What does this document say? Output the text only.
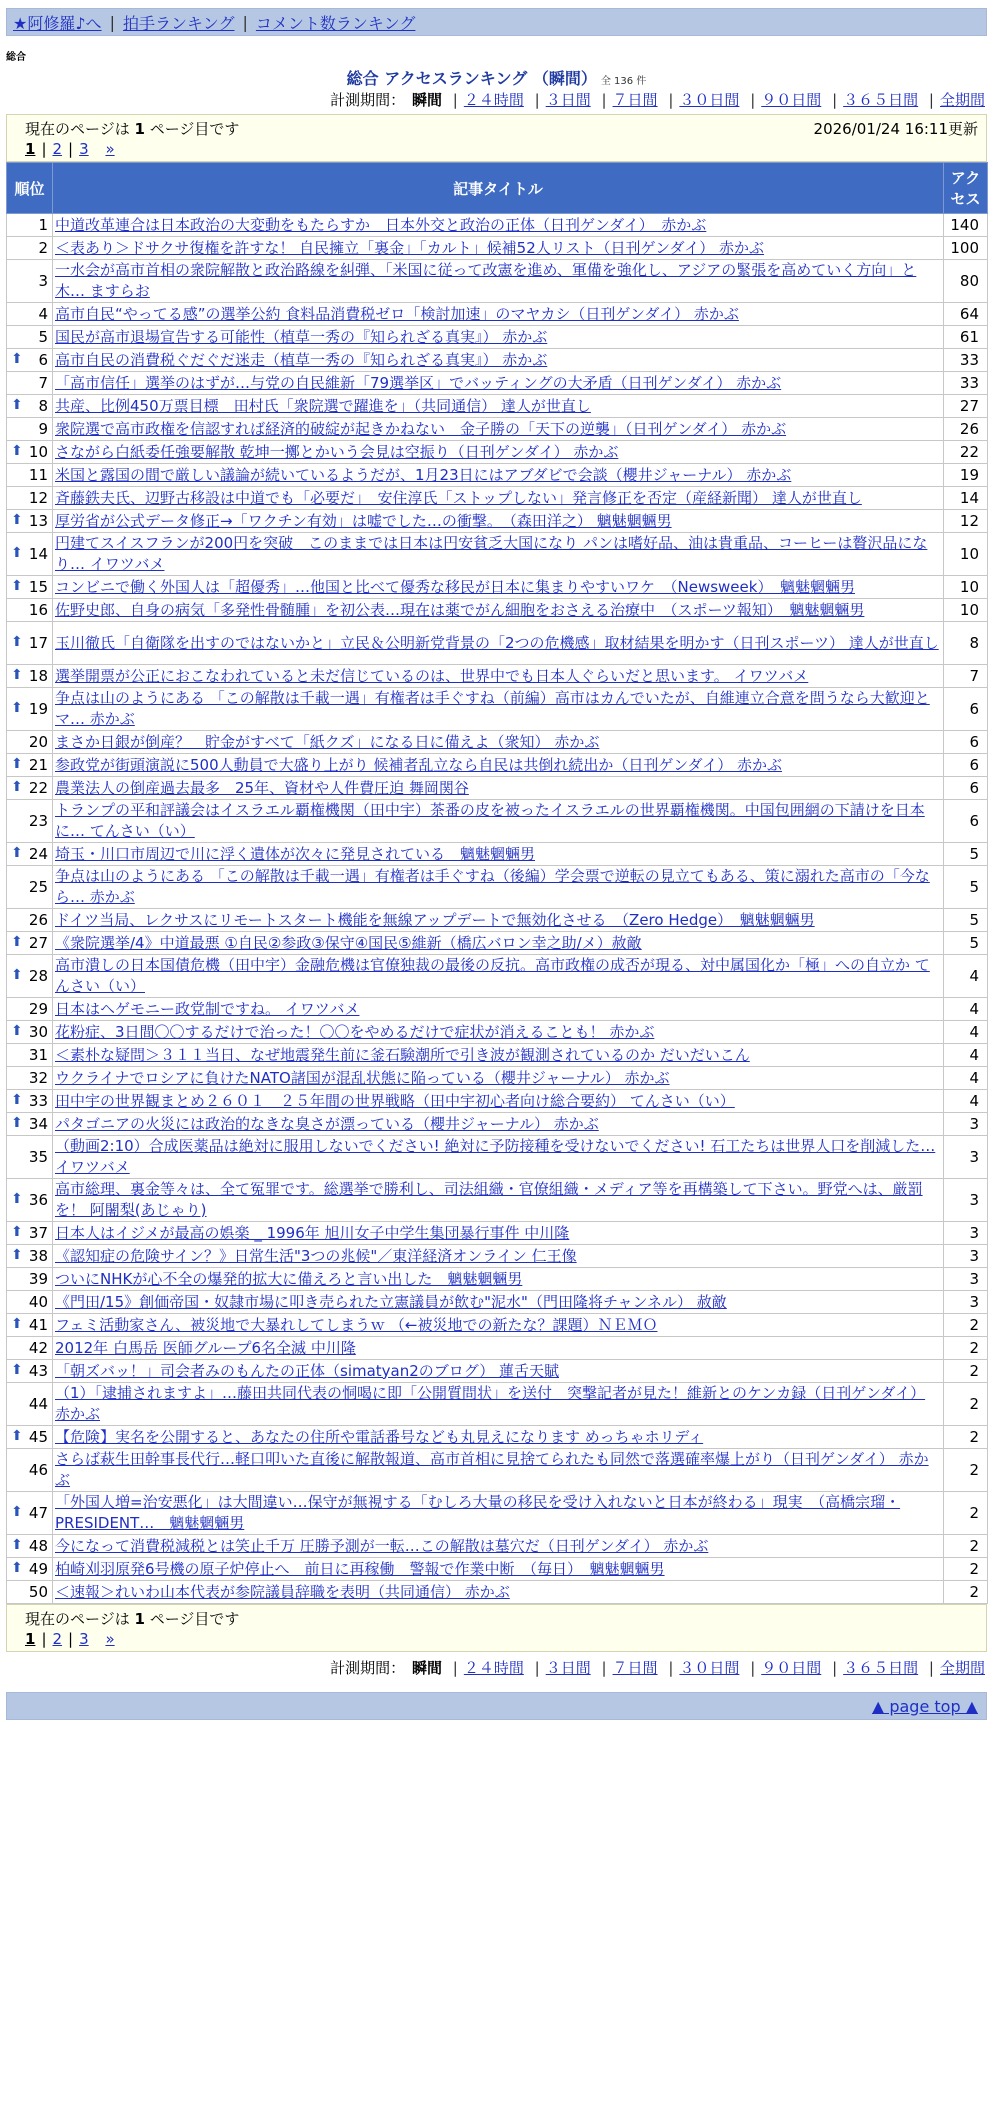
★阿修羅♪へ | 拍手ランキング | コメント数ランキング
総合
総合 アクセスランキング （瞬間） 全 136 件
計測期間： 瞬間 | ２４時間 | ３日間 | ７日間 | ３０日間 | ９０日間 | ３６５日間 | 全期間
現在のページは 1 ページ目です	2026/01/24 16:11更新
1 | 2 | 3 »
順位	記事タイトル	アクセス
1	中道改革連合は日本政治の大変動をもたらすか　日本外交と政治の正体（日刊ゲンダイ）　赤かぶ	140
2	＜表あり＞ドサクサ復権を許すな！ 自民擁立「裏金」「カルト」候補52人リスト（日刊ゲンダイ） 赤かぶ	100
3	一水会が高市首相の衆院解散と政治路線を糾弾、「米国に従って改憲を進め、軍備を強化し、アジアの緊張を高めていく方向」と木… ますらお	80
4	高市自民“やってる感”の選挙公約 食料品消費税ゼロ「検討加速」のマヤカシ（日刊ゲンダイ） 赤かぶ	64
5	国民が高市退場宣告する可能性（植草一秀の『知られざる真実』） 赤かぶ	61

⬆ 6	高市自民の消費税ぐだぐだ迷走（植草一秀の『知られざる真実』） 赤かぶ	33
7	「高市信任」選挙のはずが…与党の自民維新「79選挙区」でバッティングの大矛盾（日刊ゲンダイ） 赤かぶ	33

⬆ 8	共産、比例450万票目標　田村氏「衆院選で躍進を」（共同通信） 達人が世直し	27
9	衆院選で高市政権を信認すれば経済的破綻が起きかねない　金子勝の「天下の逆襲」（日刊ゲンダイ） 赤かぶ	26

⬆ 10	さながら白紙委任強要解散 乾坤一擲とかいう会見は空振り（日刊ゲンダイ） 赤かぶ	22
11	米国と露国の間で厳しい議論が続いているようだが、1月23日にはアブダビで会談（櫻井ジャーナル） 赤かぶ	19
12	斉藤鉄夫氏、辺野古移設は中道でも「必要だ」　安住淳氏「ストップしない」発言修正を否定（産経新聞） 達人が世直し	14

⬆ 13	厚労省が公式データ修正→「ワクチン有効」は嘘でした…の衝撃。　（森田洋之） 魑魅魍魎男	12

⬆ 14	円建てスイスフランが200円を突破　このままでは日本は円安貧乏大国になり パンは嗜好品、油は貴重品、コーヒーは贅沢品になり… イワツバメ	10

⬆ 15	コンビニで働く外国人は「超優秀」…他国と比べて優秀な移民が日本に集まりやすいワケ　（Newsweek）　魑魅魍魎男	10
16	佐野史郎、自身の病気「多発性骨髄腫」を初公表…現在は薬でがん細胞をおさえる治療中　（スポーツ報知）　魑魅魍魎男	10

⬆ 17	玉川徹氏「自衛隊を出すのではないかと」立民＆公明新党背景の「2つの危機感」取材結果を明かす（日刊スポーツ） 達人が世直し	8

⬆ 18	選挙開票が公正におこなわれていると未だ信じているのは、世界中でも日本人ぐらいだと思います。 イワツバメ	7

⬆ 19	争点は山のようにある 「この解散は千載一遇」有権者は手ぐすね（前編）高市はカんでいたが、自維連立合意を問うなら大歓迎とマ… 赤かぶ	6
20	まさか日銀が倒産？　貯金がすべて「紙クズ」になる日に備えよ（衆知） 赤かぶ	6

⬆ 21	参政党が街頭演説に500人動員で大盛り上がり 候補者乱立なら自民は共倒れ続出か（日刊ゲンダイ） 赤かぶ	6

⬆ 22	農業法人の倒産過去最多　25年、資材や人件費圧迫 舞岡関谷	6
23	トランプの平和評議会はイスラエル覇権機関（田中宇）茶番の皮を被ったイスラエルの世界覇権機関。中国包囲網の下請けを日本に… てんさい（い）	6

⬆ 24	埼玉・川口市周辺で川に浮く遺体が次々に発見されている　魑魅魍魎男	5
25	争点は山のようにある 「この解散は千載一遇」有権者は手ぐすね（後編）学会票で逆転の見立てもある、策に溺れた高市の「今なら… 赤かぶ	5
26	ドイツ当局、レクサスにリモートスタート機能を無線アップデートで無効化させる　（Zero Hedge）　魑魅魍魎男	5

⬆ 27	《衆院選挙/4》中道最悪 ①自民②参政③保守④国民⑤維新（橋広バロン幸之助/メ）赦敵	5

⬆ 28	高市潰しの日本国債危機（田中宇）金融危機は官僚独裁の最後の反抗。高市政権の成否が現る、対中属国化か「極」への自立か てんさい（い）	4
29	日本はヘゲモニー政党制ですね。 イワツバメ	4

⬆ 30	花粉症、3日間〇〇するだけで治った！〇〇をやめるだけで症状が消えることも！ 赤かぶ	4
31	＜素朴な疑問＞３１１当日、なぜ地震発生前に釜石験潮所で引き波が観測されているのか だいだいこん	4
32	ウクライナでロシアに負けたNATO諸国が混乱状態に陥っている（櫻井ジャーナル） 赤かぶ	4

⬆ 33	田中宇の世界観まとめ２６０１　２５年間の世界戦略（田中宇初心者向け総合要約） てんさい（い）	4

⬆ 34	パタゴニアの火災には政治的なきな臭さが漂っている（櫻井ジャーナル） 赤かぶ	3
35	（動画2:10）合成医薬品は絶対に服用しないでください! 絶対に予防接種を受けないでください! 石工たちは世界人口を削減した… イワツバメ	3

⬆ 36	高市総理、裏金等々は、全て冤罪です。総選挙で勝利し、司法組織・官僚組織・メディア等を再構築して下さい。野党へは、厳罰を！ 阿闍梨(あじゃり)	3

⬆ 37	日本人はイジメが最高の娯楽 _ 1996年 旭川女子中学生集団暴行事件 中川隆	3

⬆ 38	《認知症の危険サイン？》日常生活"3つの兆候"／東洋経済オンライン 仁王像	3
39	ついにNHKが心不全の爆発的拡大に備えろと言い出した　魑魅魍魎男	3
40	《門田/15》創価帝国・奴隷市場に叩き売られた立憲議員が飲む"泥水"（門田隆将チャンネル） 赦敵	3

⬆ 41	フェミ活動家さん、被災地で大暴れしてしまうｗ （←被災地での新たな？課題）ＮＥＭＯ	2
42	2012年 白馬岳 医師グループ6名全滅 中川隆	2

⬆ 43	「朝ズバッ！」司会者みのもんたの正体（simatyan2のブログ） 蓮舌天賦	2
44	（1）「逮捕されますよ」…藤田共同代表の恫喝に即「公開質問状」を送付　突撃記者が見た！維新とのケンカ録（日刊ゲンダイ） 赤かぶ	2

⬆ 45	【危険】実名を公開すると、あなたの住所や電話番号なども丸見えになります めっちゃホリディ	2
46	さらば萩生田幹事長代行…軽口叩いた直後に解散報道、高市首相に見捨てられたも同然で落選確率爆上がり（日刊ゲンダイ） 赤かぶ	2

⬆ 47	「外国人増=治安悪化」は大間違い…保守が無視する「むしろ大量の移民を受け入れないと日本が終わる」現実　（高橋宗瑠・PRESIDENT…　魑魅魍魎男	2

⬆ 48	今になって消費税減税とは笑止千万 圧勝予測が一転…この解散は墓穴だ（日刊ゲンダイ） 赤かぶ	2

⬆ 49	柏崎刈羽原発6号機の原子炉停止へ　前日に再稼働　警報で作業中断　（毎日）　魑魅魍魎男	2
50	＜速報＞れいわ山本代表が参院議員辞職を表明（共同通信） 赤かぶ	2
現在のページは 1 ページ目です
1 | 2 | 3 »
計測期間： 瞬間 | ２４時間 | ３日間 | ７日間 | ３０日間 | ９０日間 | ３６５日間 | 全期間
▲ page top ▲
